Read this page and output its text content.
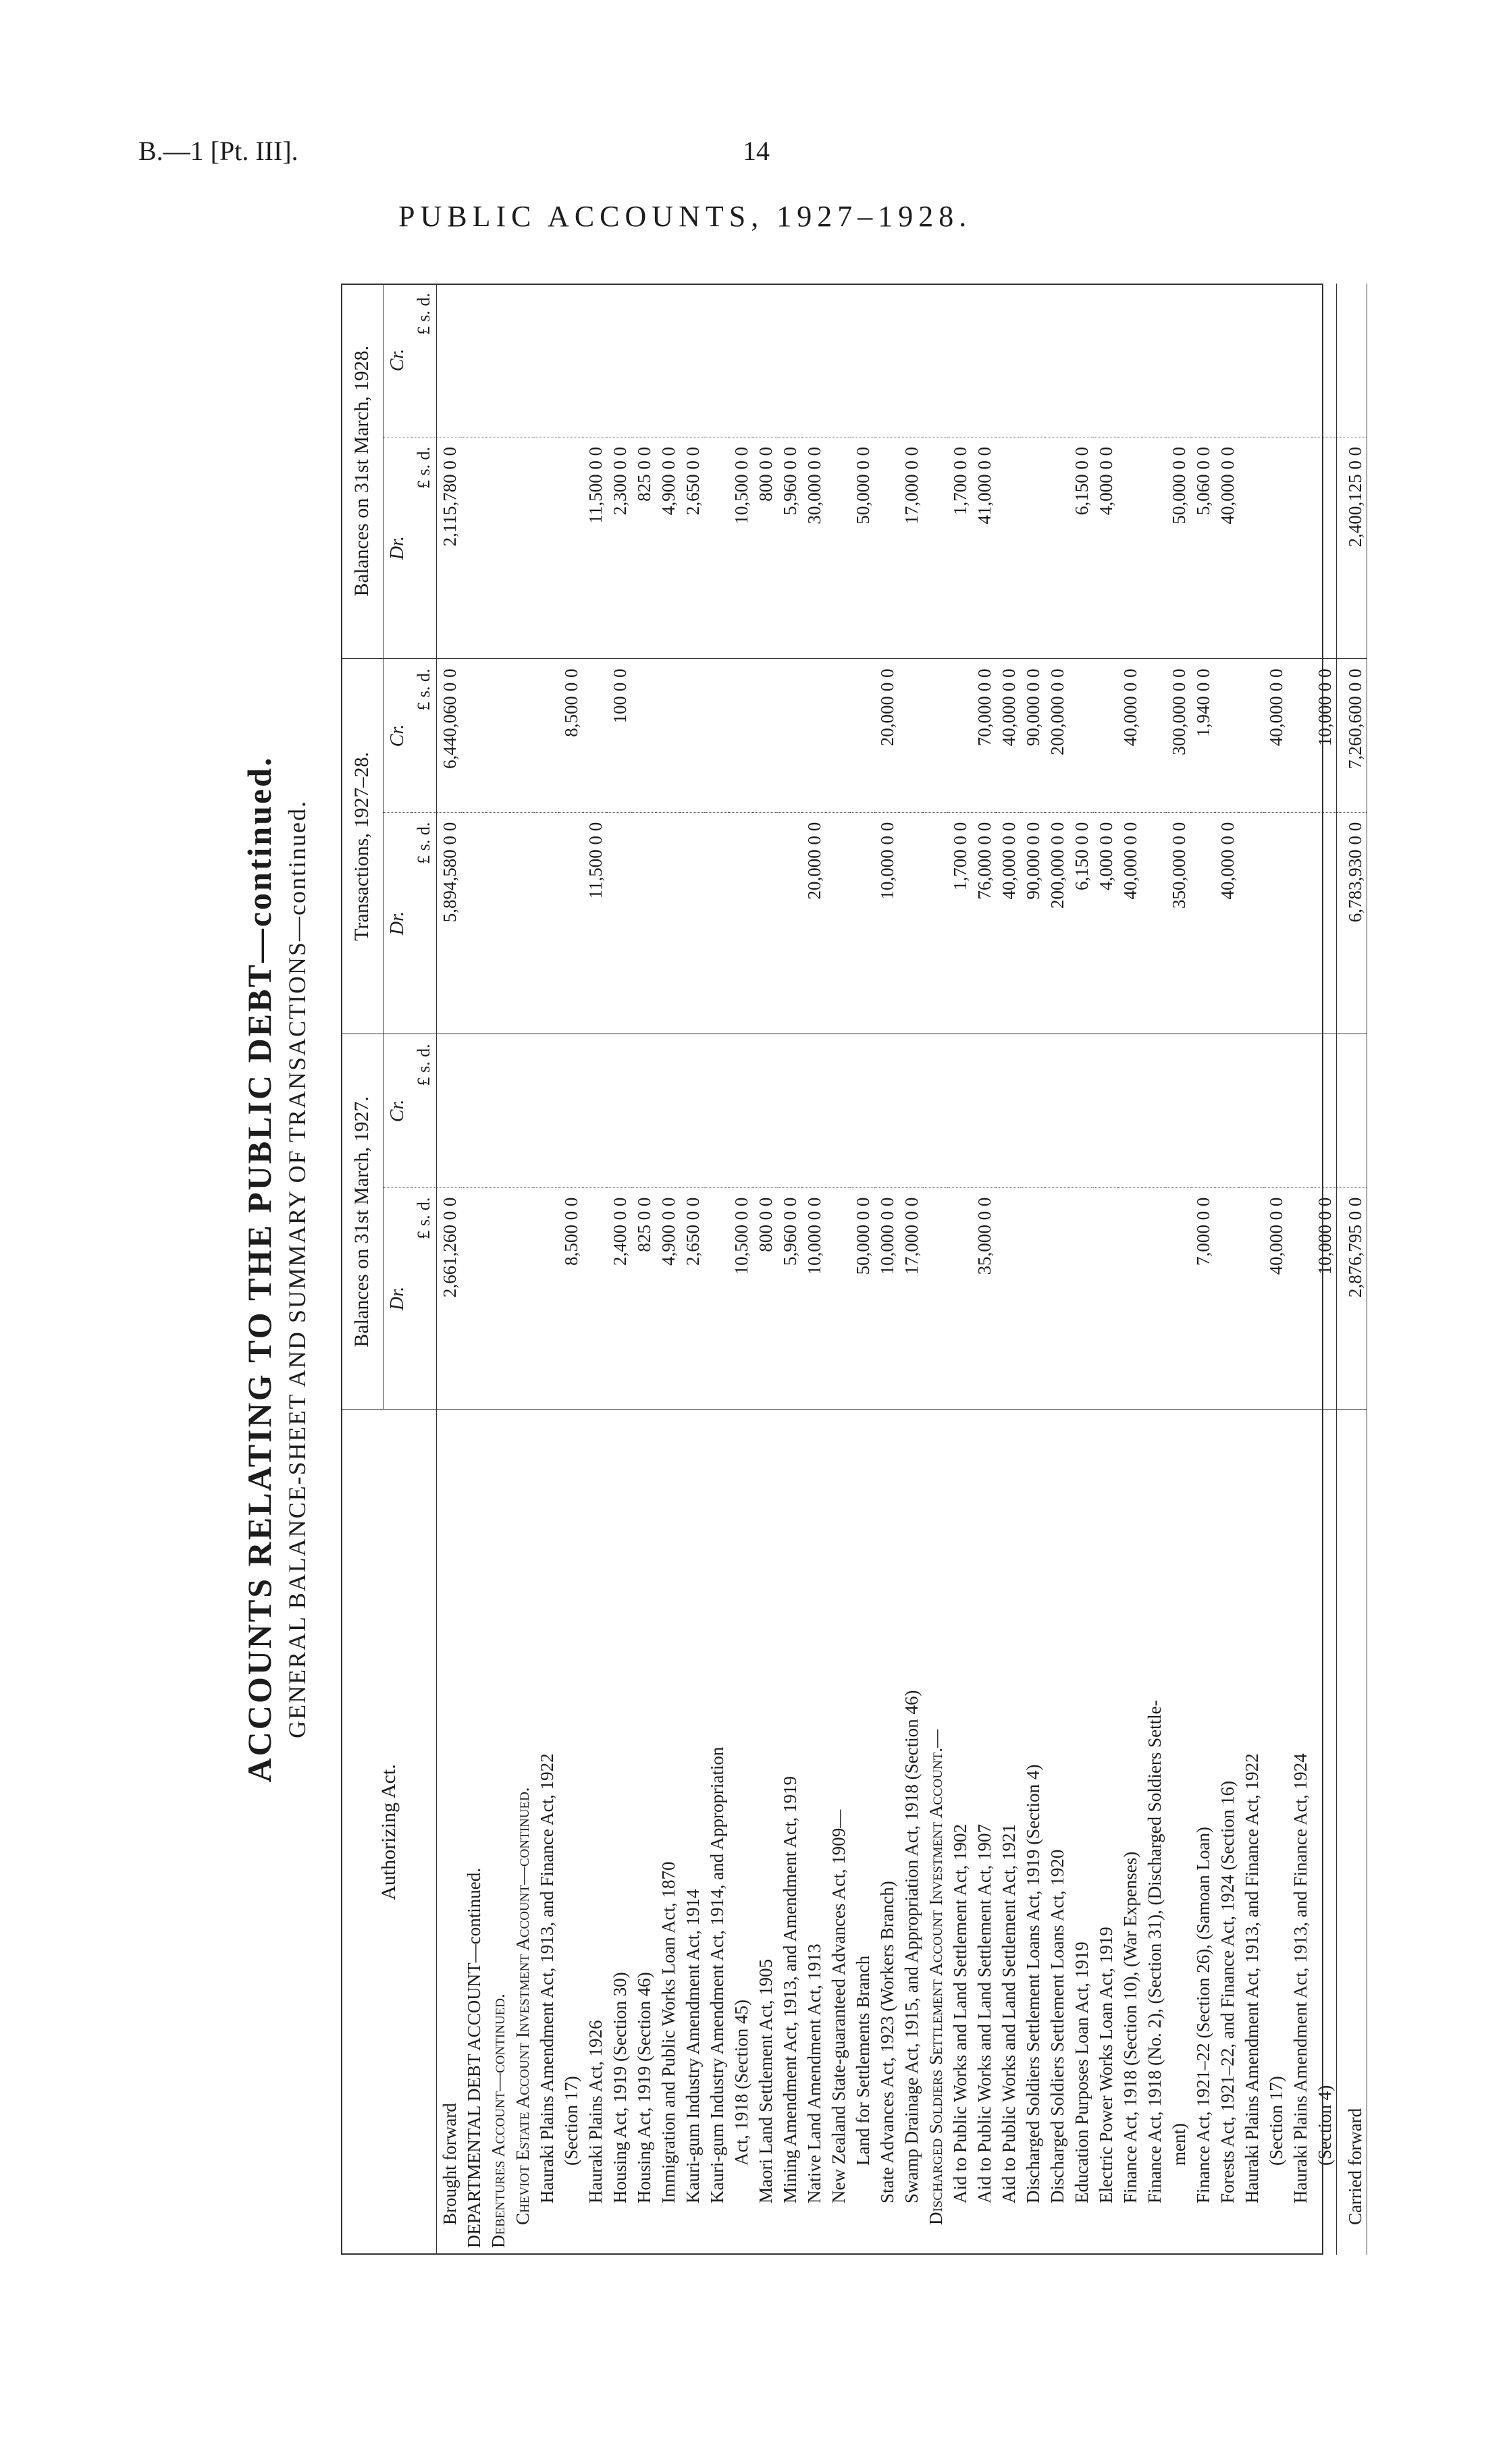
B.—1 [Pt. III].	14
PUBLIC ACCOUNTS, 1927–1928.
ACCOUNTS RELATING TO THE PUBLIC DEBT—continued. GENERAL BALANCE-SHEET AND SUMMARY OF TRANSACTIONS—continued.
Authorizing Act.	Balances on 31st March, 1927.		Transactions, 1927–28.		Balances on 31st March, 1928.	
	Dr.	Cr.	Dr.	Cr.	Dr.	Cr.
	£ s. d.	£ s. d.	£ s. d.	£ s. d.	£ s. d.	£ s. d.
Brought forward	2,661,260 0 0		5,894,580 0 0	6,440,060 0 0	2,115,780 0 0	
DEPARTMENTAL DEBT ACCOUNT—continued.						
Debentures Account—continued.						
Cheviot Estate Account Investment Account—continued.						
Hauraki Plains Amendment Act, 1913, and Finance Act, 1922						
(Section 17)	8,500 0 0			8,500 0 0		
Hauraki Plains Act, 1926			11,500 0 0		11,500 0 0	
Housing Act, 1919 (Section 30)	2,400 0 0			100 0 0	2,300 0 0	
Housing Act, 1919 (Section 46)	825 0 0				825 0 0	
Immigration and Public Works Loan Act, 1870	4,900 0 0				4,900 0 0	
Kauri-gum Industry Amendment Act, 1914	2,650 0 0				2,650 0 0	
Kauri-gum Industry Amendment Act, 1914, and Appropriation						
Act, 1918 (Section 45)	10,500 0 0				10,500 0 0	
Maori Land Settlement Act, 1905	800 0 0				800 0 0	
Mining Amendment Act, 1913, and Amendment Act, 1919	5,960 0 0				5,960 0 0	
Native Land Amendment Act, 1913	10,000 0 0		20,000 0 0		30,000 0 0	
New Zealand State-guaranteed Advances Act, 1909—						
Land for Settlements Branch	50,000 0 0				50,000 0 0	
State Advances Act, 1923 (Workers Branch)	10,000 0 0		10,000 0 0	20,000 0 0		
Swamp Drainage Act, 1915, and Appropriation Act, 1918 (Section 46)	17,000 0 0				17,000 0 0	
Discharged Soldiers Settlement Account Investment Account.—						
Aid to Public Works and Land Settlement Act, 1902			1,700 0 0		1,700 0 0	
Aid to Public Works and Land Settlement Act, 1907	35,000 0 0		76,000 0 0	70,000 0 0	41,000 0 0	
Aid to Public Works and Land Settlement Act, 1921			40,000 0 0	40,000 0 0		
Discharged Soldiers Settlement Loans Act, 1919 (Section 4)			90,000 0 0	90,000 0 0		
Discharged Soldiers Settlement Loans Act, 1920			200,000 0 0	200,000 0 0		
Education Purposes Loan Act, 1919			6,150 0 0		6,150 0 0	
Electric Power Works Loan Act, 1919			4,000 0 0		4,000 0 0	
Finance Act, 1918 (Section 10), (War Expenses)			40,000 0 0	40,000 0 0		
Finance Act, 1918 (No. 2), (Section 31), (Discharged Soldiers Settle-						
ment)			350,000 0 0	300,000 0 0	50,000 0 0	
Finance Act, 1921–22 (Section 26), (Samoan Loan)	7,000 0 0			1,940 0 0	5,060 0 0	
Forests Act, 1921–22, and Finance Act, 1924 (Section 16)			40,000 0 0		40,000 0 0	
Hauraki Plains Amendment Act, 1913, and Finance Act, 1922						
(Section 17)	40,000 0 0			40,000 0 0		
Hauraki Plains Amendment Act, 1913, and Finance Act, 1924						
(Section 4)	10,000 0 0			10,000 0 0		
Carried forward	2,876,795 0 0		6,783,930 0 0	7,260,600 0 0	2,400,125 0 0	
